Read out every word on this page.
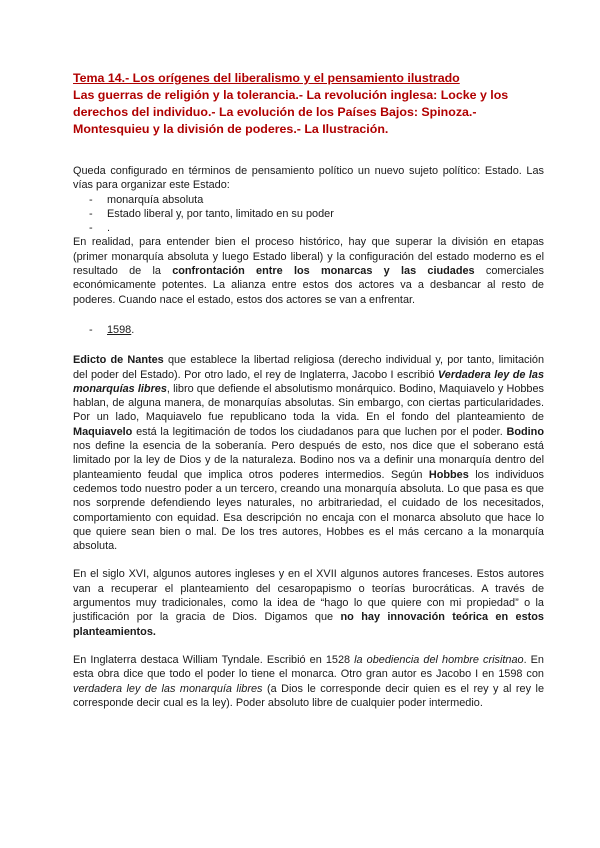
Tema 14.- Los orígenes del liberalismo y el pensamiento ilustrado
Las guerras de religión y la tolerancia.- La revolución inglesa: Locke y los derechos del individuo.- La evolución de los Países Bajos: Spinoza.- Montesquieu y la división de poderes.- La Ilustración.

Queda configurado en términos de pensamiento político un nuevo sujeto político: Estado. Las vías para organizar este Estado:

- monarquía absoluta
- Estado liberal y, por tanto, limitado en su poder
- .

En realidad, para entender bien el proceso histórico, hay que superar la división en etapas (primer monarquía absoluta y luego Estado liberal) y la configuración del estado moderno es el resultado de la confrontación entre los monarcas y las ciudades comerciales económicamente potentes. La alianza entre estos dos actores va a desbancar al resto de poderes. Cuando nace el estado, estos dos actores se van a enfrentar.

- 1598.

Edicto de Nantes que establece la libertad religiosa (derecho individual y, por tanto, limitación del poder del Estado). Por otro lado, el rey de Inglaterra, Jacobo I escribió Verdadera ley de las monarquías libres, libro que defiende el absolutismo monárquico. Bodino, Maquiavelo y Hobbes hablan, de alguna manera, de monarquías absolutas. Sin embargo, con ciertas particularidades. Por un lado, Maquiavelo fue republicano toda la vida. En el fondo del planteamiento de Maquiavelo está la legitimación de todos los ciudadanos para que luchen por el poder. Bodino nos define la esencia de la soberanía. Pero después de esto, nos dice que el soberano está limitado por la ley de Dios y de la naturaleza. Bodino nos va a definir una monarquía dentro del planteamiento feudal que implica otros poderes intermedios. Según Hobbes los individuos cedemos todo nuestro poder a un tercero, creando una monarquía absoluta. Lo que pasa es que nos sorprende defendiendo leyes naturales, no arbitrariedad, el cuidado de los necesitados, comportamiento con equidad. Esa descripción no encaja con el monarca absoluto que hace lo que quiere sean bien o mal. De los tres autores, Hobbes es el más cercano a la monarquía absoluta.

En el siglo XVI, algunos autores ingleses y en el XVII algunos autores franceses. Estos autores van a recuperar el planteamiento del cesaropapismo o teorías burocráticas. A través de argumentos muy tradicionales, como la idea de “hago lo que quiere con mi propiedad” o la justificación por la gracia de Dios. Digamos que no hay innovación teórica en estos planteamientos.

En Inglaterra destaca William Tyndale. Escribió en 1528 la obediencia del hombre crisitnao. En esta obra dice que todo el poder lo tiene el monarca. Otro gran autor es Jacobo I en 1598 con verdadera ley de las monarquía libres (a Dios le corresponde decir quien es el rey y al rey le corresponde decir cual es la ley). Poder absoluto libre de cualquier poder intermedio.
